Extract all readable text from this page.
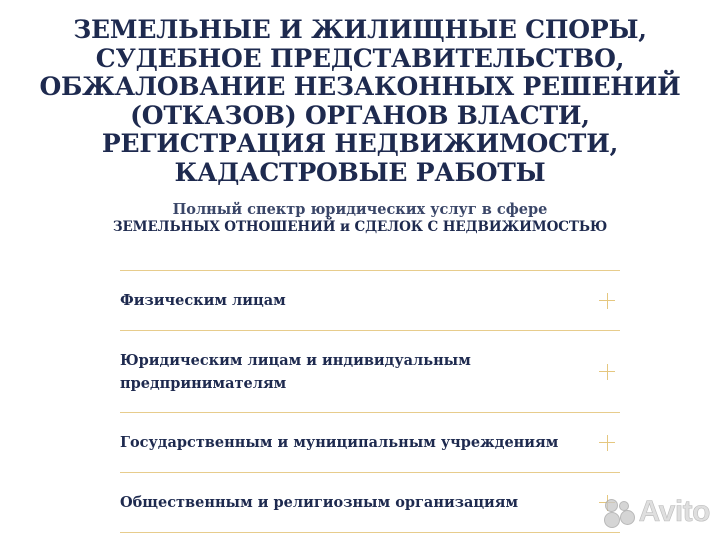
ЗЕМЕЛЬНЫЕ И ЖИЛИЩНЫЕ СПОРЫ,
СУДЕБНОЕ ПРЕДСТАВИТЕЛЬСТВО,
ОБЖАЛОВАНИЕ НЕЗАКОННЫХ РЕШЕНИЙ
(ОТКАЗОВ) ОРГАНОВ ВЛАСТИ,
РЕГИСТРАЦИЯ НЕДВИЖИМОСТИ,
КАДАСТРОВЫЕ РАБОТЫ
Полный спектр юридических услуг в сфере
ЗЕМЕЛЬНЫХ ОТНОШЕНИЙ и СДЕЛОК С НЕДВИЖИМОСТЬЮ
Физическим лицам
Юридическим лицам и индивидуальным предпринимателям
Государственным и муниципальным учреждениям
Общественным и религиозным организациям	Avito
